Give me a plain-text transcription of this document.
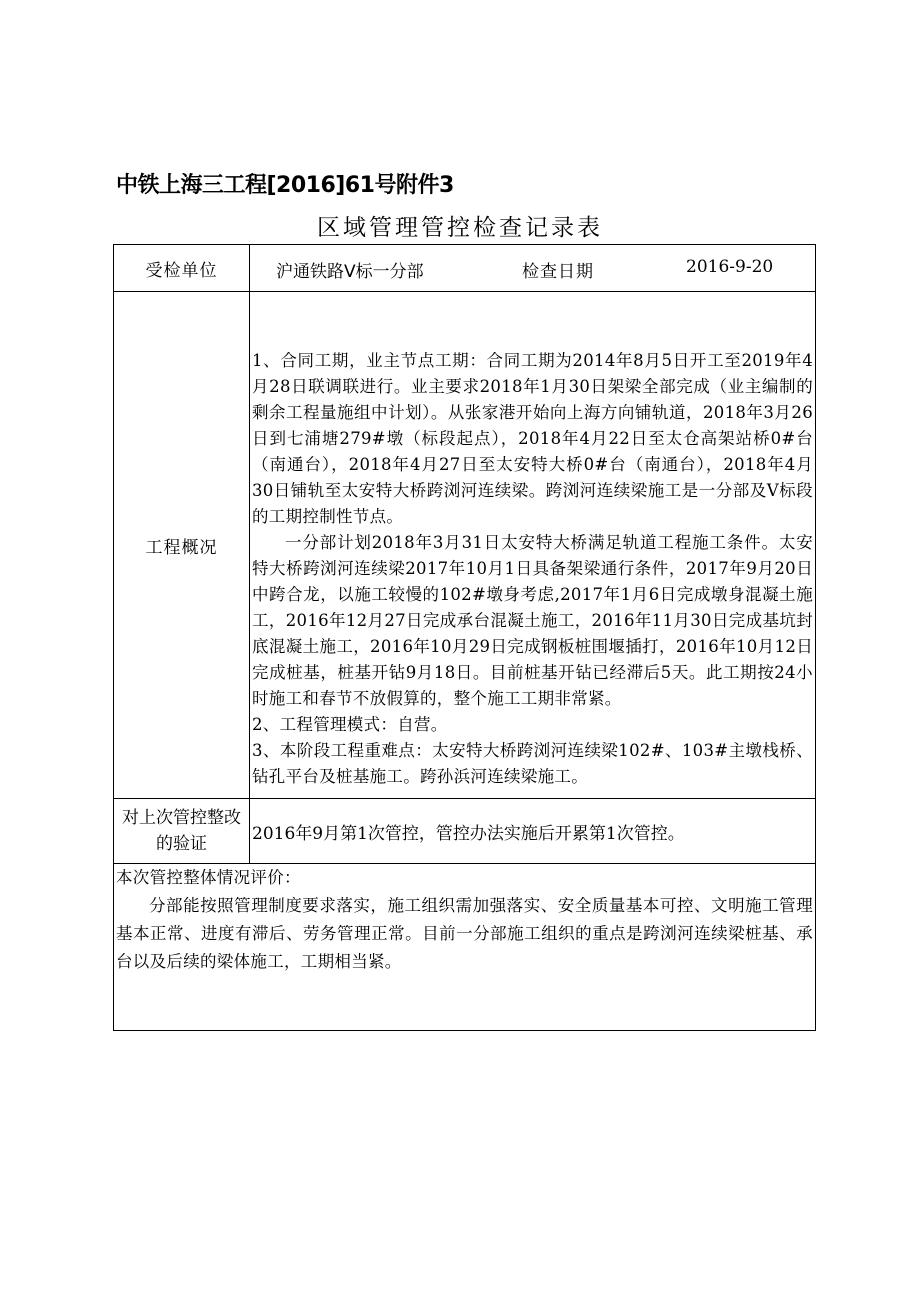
中铁上海三工程[2016]61号附件3
区域管理管控检查记录表
受检单位	沪通铁路Ⅴ标一分部 检查日期 2016-9-20

工程概况	1、合同工期，业主节点工期：合同工期为2014年8月5日开工至2019年4月28日联调联进行。业主要求2018年1月30日架梁全部完成（业主编制的剩余工程量施组中计划）。从张家港开始向上海方向铺轨道，2018年3月26日到七浦塘279#墩（标段起点），2018年4月22日至太仓高架站桥0#台（南通台），2018年4月27日至太安特大桥0#台（南通台），2018年4月30日铺轨至太安特大桥跨浏河连续梁。跨浏河连续梁施工是一分部及Ⅴ标段的工期控制性节点。

一分部计划2018年3月31日太安特大桥满足轨道工程施工条件。太安特大桥跨浏河连续梁2017年10月1日具备架梁通行条件，2017年9月20日中跨合龙，以施工较慢的102#墩身考虑,2017年1月6日完成墩身混凝土施工，2016年12月27日完成承台混凝土施工，2016年11月30日完成基坑封底混凝土施工，2016年10月29日完成钢板桩围堰插打，2016年10月12日完成桩基，桩基开钻9月18日。目前桩基开钻已经滞后5天。此工期按24小时施工和春节不放假算的，整个施工工期非常紧。

2、工程管理模式：自营。

3、本阶段工程重难点：太安特大桥跨浏河连续梁102#、103#主墩栈桥、钻孔平台及桩基施工。跨孙浜河连续梁施工。

对上次管控整改的验证	2016年9月第1次管控，管控办法实施后开累第1次管控。

本次管控整体情况评价：

分部能按照管理制度要求落实，施工组织需加强落实、安全质量基本可控、文明施工管理基本正常、进度有滞后、劳务管理正常。目前一分部施工组织的重点是跨浏河连续梁桩基、承台以及后续的梁体施工，工期相当紧。	
